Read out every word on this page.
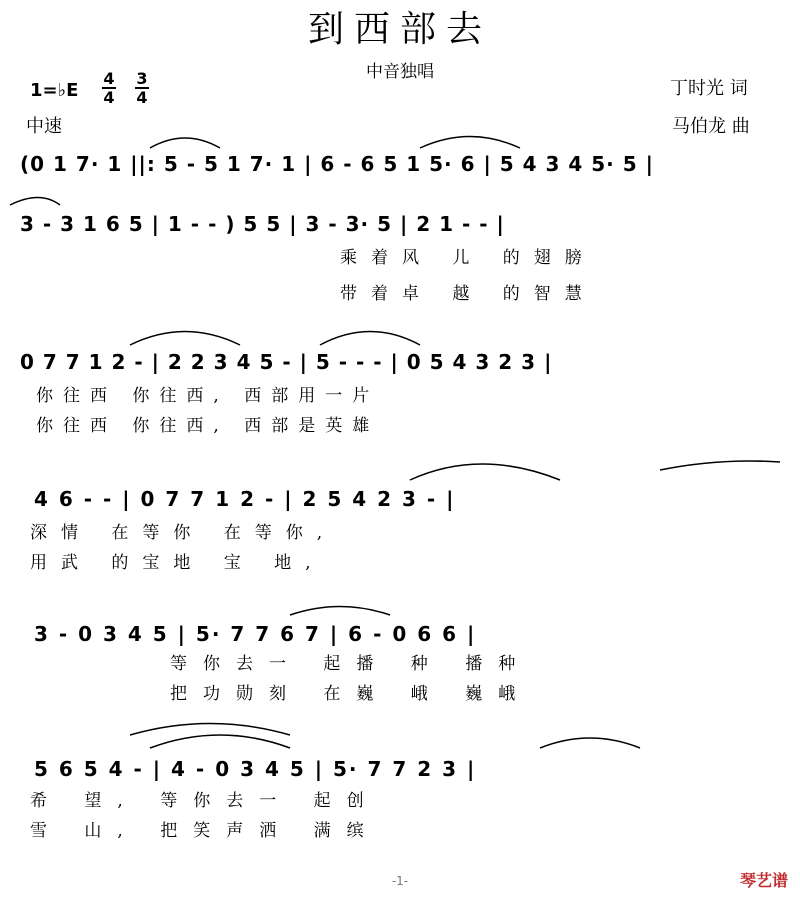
到西部去
中音独唱
1=♭E
4

4
3

4
中速
丁时光 词
马伯龙 曲
(0 1 7· 1 ||: 5 - 5 1 7· 1 | 6 - 6 5 1 5· 6 | 5 4 3 4 5· 5 |
3 - 3 1 6 5 | 1 - - ) 5 5 | 3 - 3· 5 | 2 1 - - |
乘着风 儿 的翅膀
带着卓 越 的智慧
0 7 7 1 2 - | 2 2 3 4 5 - | 5 - - - | 0 5 4 3 2 3 |
你往西 你往西, 西部用一片
你往西 你往西, 西部是英雄
4 6 - - | 0 7 7 1 2 - | 2 5 4 2 3 - |
深情 在等你 在等你,
用武 的宝地 宝 地,
3 - 0 3 4 5 | 5· 7 7 6 7 | 6 - 0 6 6 |
等你去一 起播 种 播种
把功勋刻 在巍 峨 巍峨
5 6 5 4 - | 4 - 0 3 4 5 | 5· 7 7 2 3 |
希 望, 等你去一 起创
雪 山, 把笑声洒 满缤
-1-	琴艺谱
